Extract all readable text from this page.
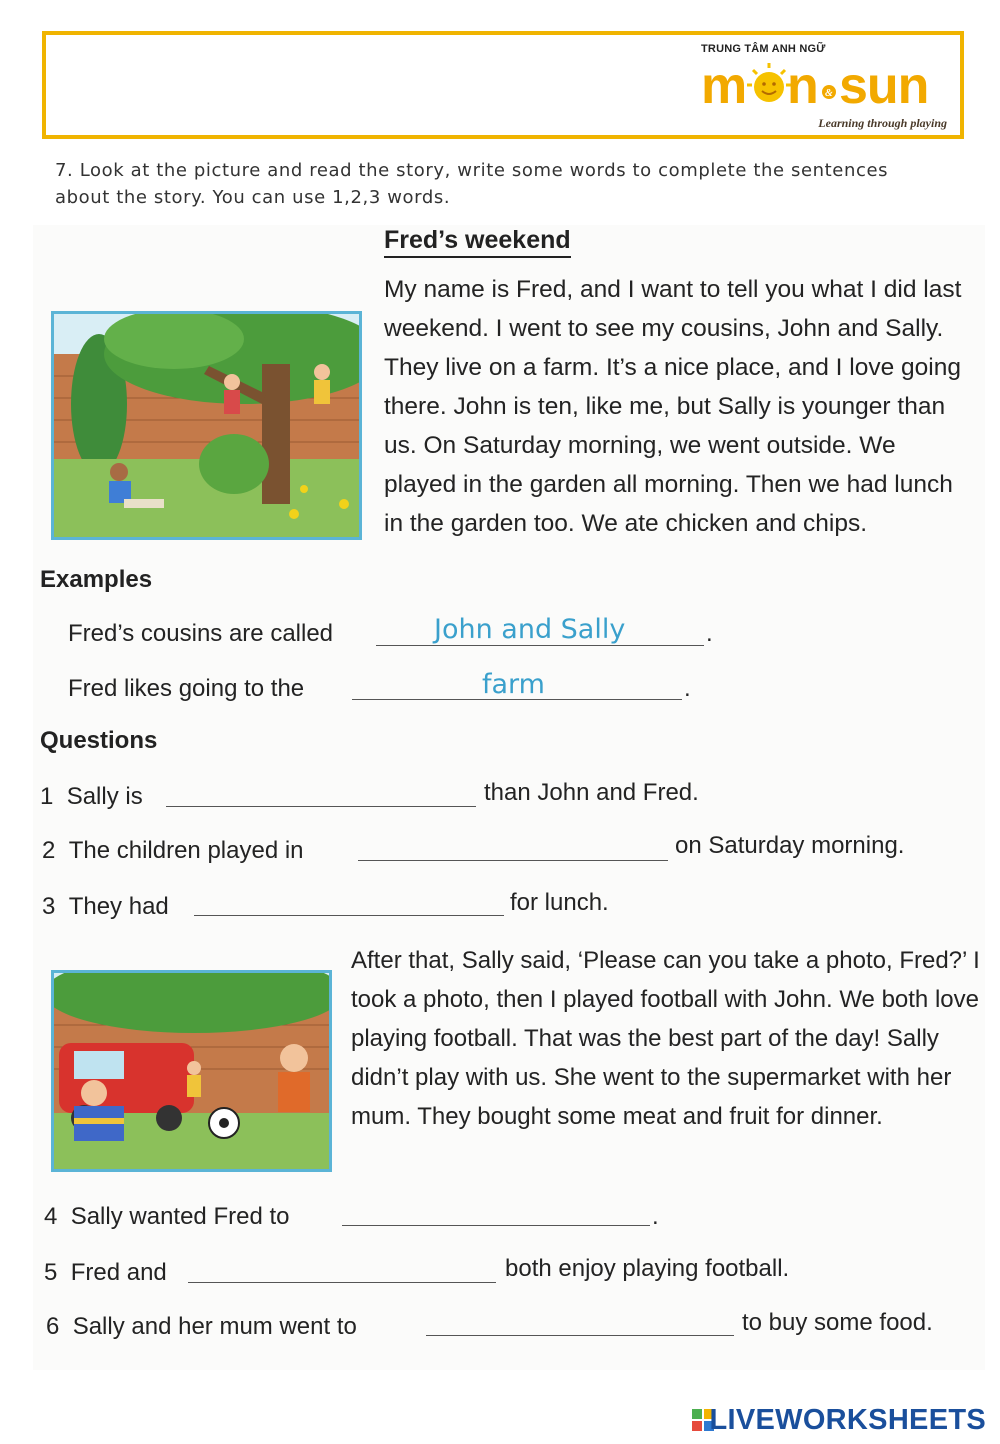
TRUNG TÂM ANH NGỮ
m n & sun
Learning through playing
7. Look at the picture and read the story, write some words to complete the sentences about the story. You can use 1,2,3 words.
Fred’s weekend
My name is Fred, and I want to tell you what I did last weekend. I went to see my cousins, John and Sally. They live on a farm. It’s a nice place, and I love going there. John is ten, like me, but Sally is younger than us. On Saturday morning, we went outside. We played in the garden all morning. Then we had lunch in the garden too. We ate chicken and chips.
Examples
Fred’s cousins are called	John and Sally	.
Fred likes going to the	farm	.
Questions
1 Sally is	than John and Fred.
2 The children played in	on Saturday morning.
3 They had	for lunch.
After that, Sally said, ‘Please can you take a photo, Fred?’ I took a photo, then I played football with John. We both love playing football. That was the best part of the day! Sally didn’t play with us. She went to the supermarket with her mum. They bought some meat and fruit for dinner.
4 Sally wanted Fred to	.
5 Fred and	both enjoy playing football.
6 Sally and her mum went to	to buy some food.
LIVEWORKSHEETS
